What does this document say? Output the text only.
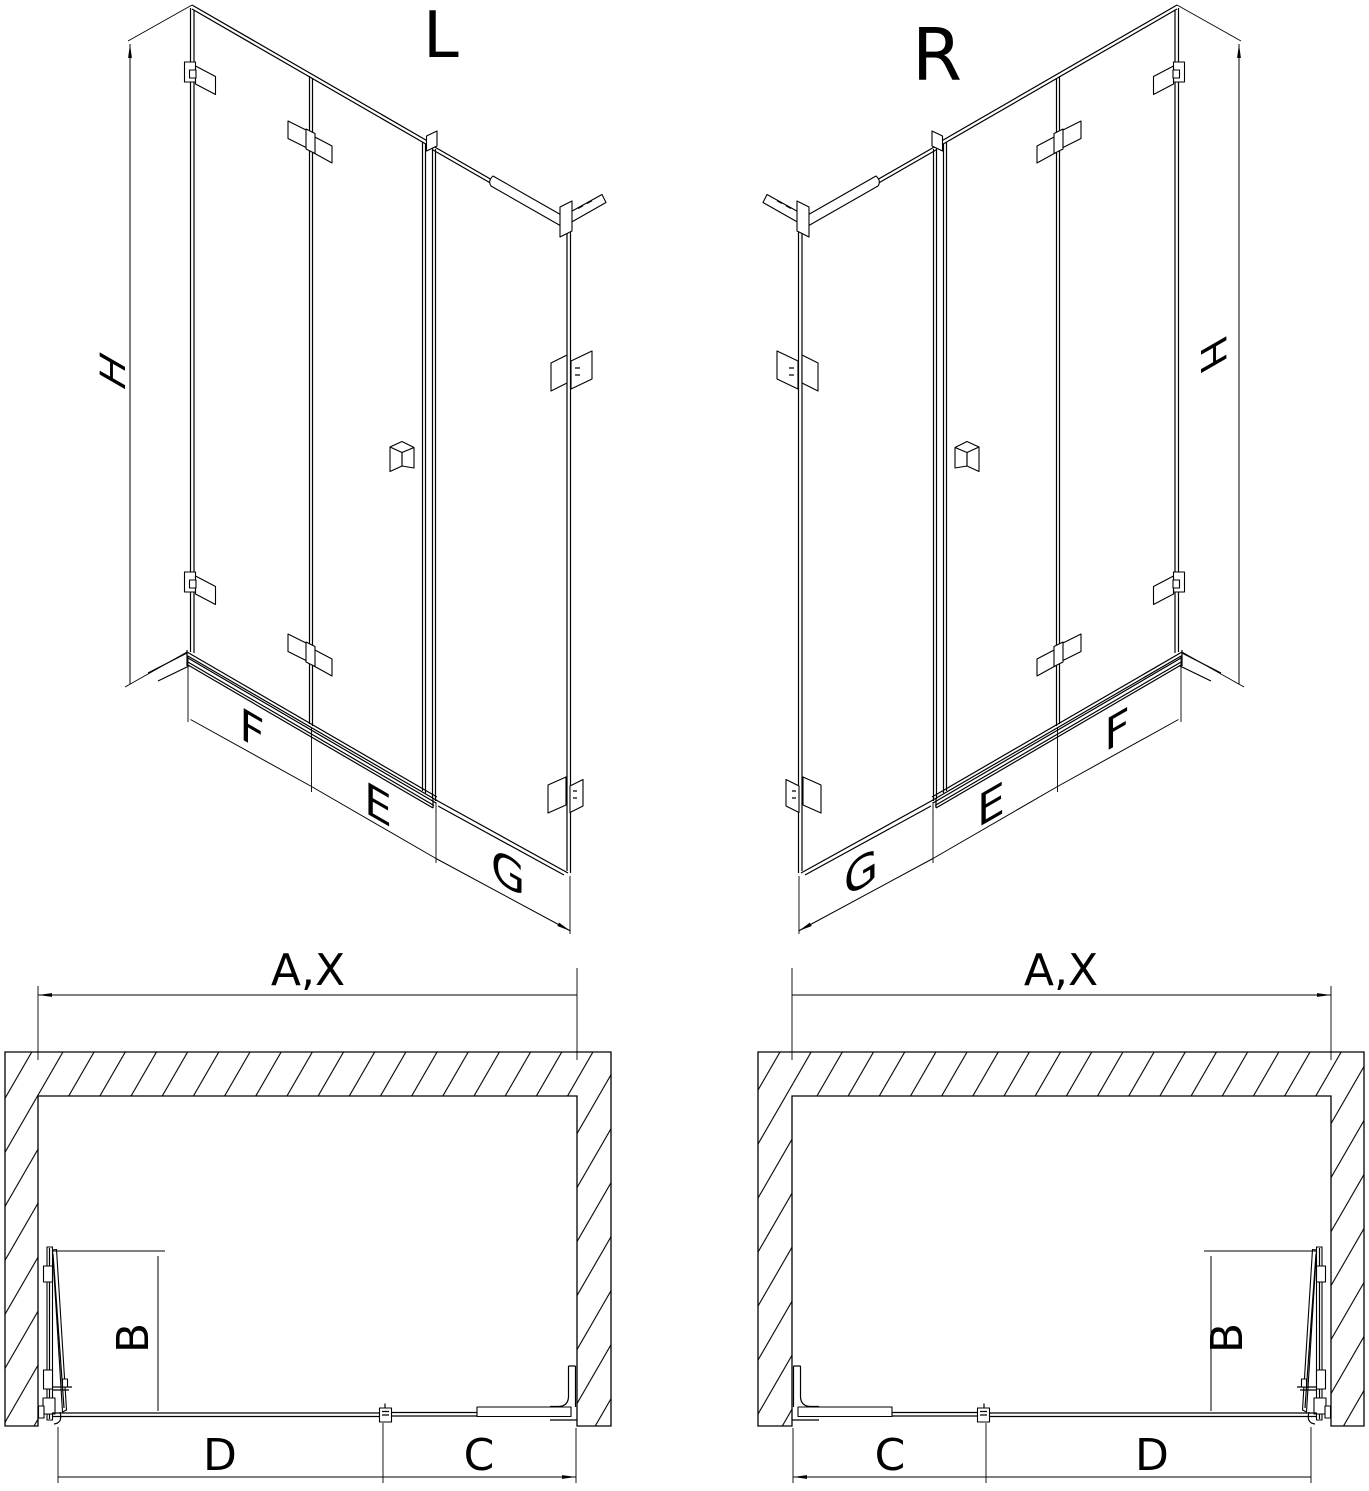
L
H
F
E
G
R
H
F
E
G
A,X
B
D	C
A,X
B
C	D
